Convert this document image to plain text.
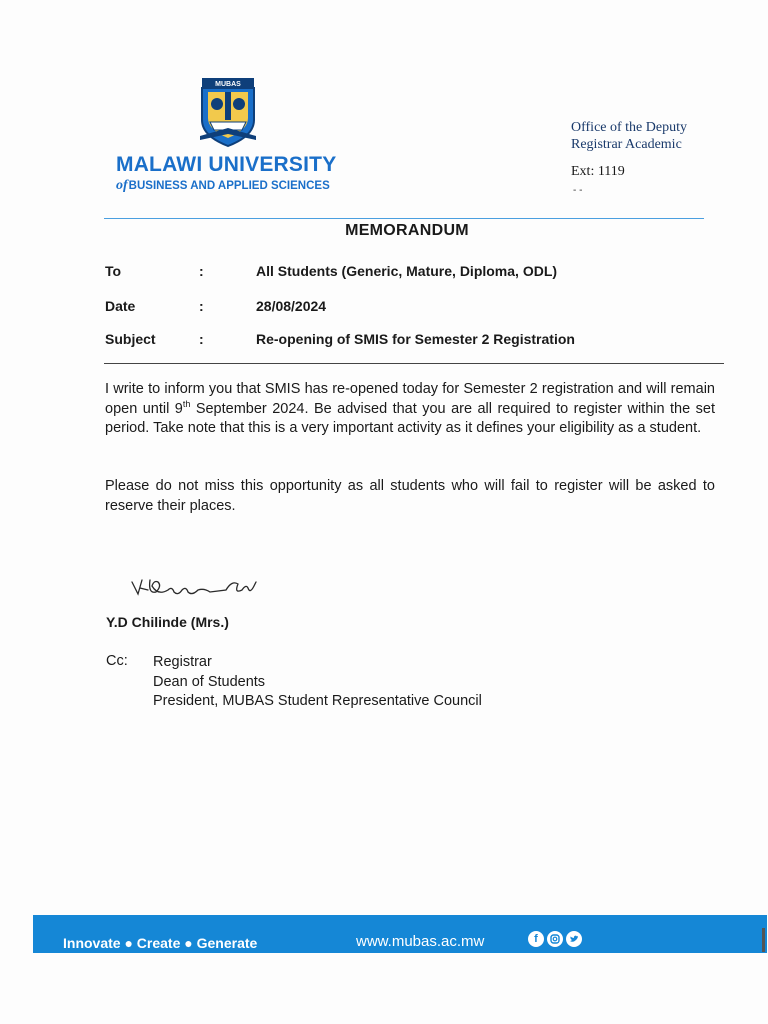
MUBAS
MALAWI UNIVERSITY
ofBUSINESS AND APPLIED SCIENCES
Office of the Deputy
Registrar Academic
Ext: 1119
- -
MEMORANDUM
To	:	All Students (Generic, Mature, Diploma, ODL)
Date	:	28/08/2024
Subject	:	Re-opening of SMIS for Semester 2 Registration
I write to inform you that SMIS has re-opened today for Semester 2 registration and will remain open until 9th September 2024. Be advised that you are all required to register within the set period. Take note that this is a very important activity as it defines your eligibility as a student.
Please do not miss this opportunity as all students who will fail to register will be asked to reserve their places.
Y.D Chilinde (Mrs.)
Cc: Registrar
Dean of Students
President, MUBAS Student Representative Council
Innovate ● Create ● Generate	www.mubas.ac.mw	f
